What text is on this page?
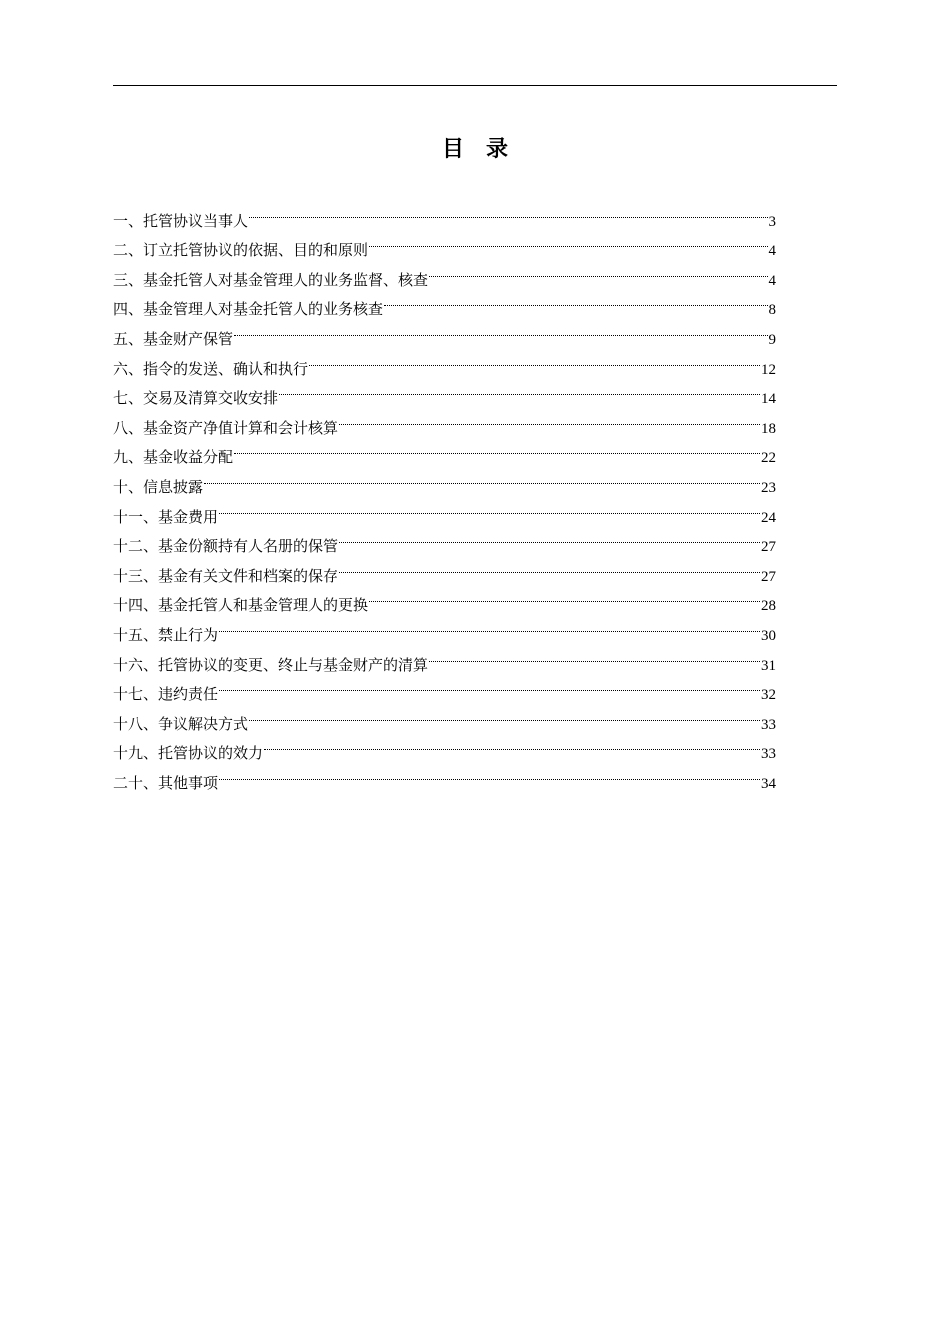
目 录
一、托管协议当事人	3
二、订立托管协议的依据、目的和原则	4
三、基金托管人对基金管理人的业务监督、核查	4
四、基金管理人对基金托管人的业务核查	8
五、基金财产保管	9
六、指令的发送、确认和执行	12
七、交易及清算交收安排	14
八、基金资产净值计算和会计核算	18
九、基金收益分配	22
十、信息披露	23
十一、基金费用	24
十二、基金份额持有人名册的保管	27
十三、基金有关文件和档案的保存	27
十四、基金托管人和基金管理人的更换	28
十五、禁止行为	30
十六、托管协议的变更、终止与基金财产的清算	31
十七、违约责任	32
十八、争议解决方式	33
十九、托管协议的效力	33
二十、其他事项	34
